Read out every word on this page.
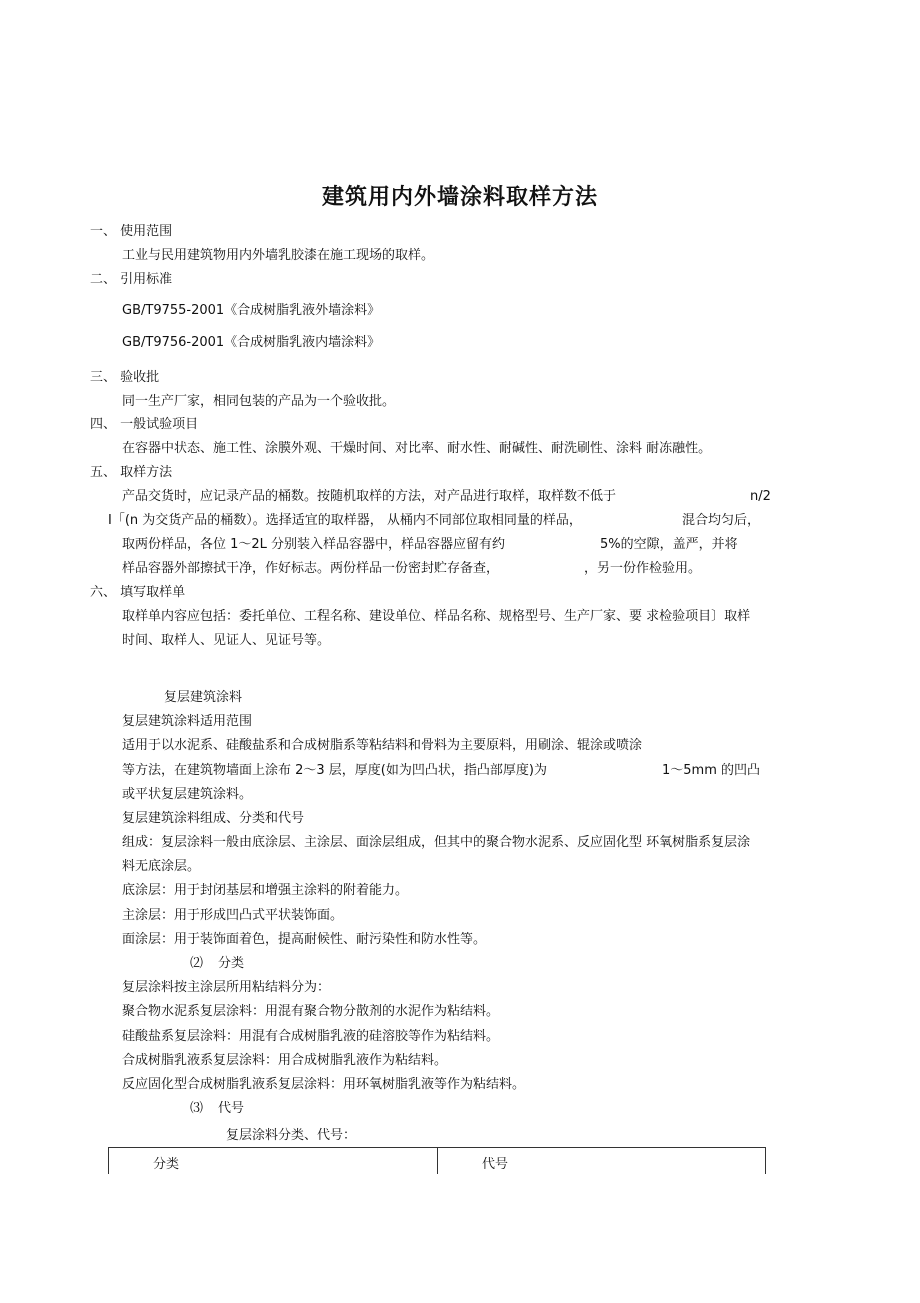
建筑用内外墙涂料取样方法
一、 使用范围
工业与民用建筑物用内外墙乳胶漆在施工现场的取样。
二、 引用标准
GB/T9755-2001《合成树脂乳液外墙涂料》
GB/T9756-2001《合成树脂乳液内墙涂料》
三、 验收批
同一生产厂家，相同包装的产品为一个验收批。
四、 一般试验项目
在容器中状态、施工性、涂膜外观、干燥时间、对比率、耐水性、耐碱性、耐洗刷性、涂料 耐冻融性。
五、 取样方法
产品交货时，应记录产品的桶数。按随机取样的方法，对产品进行取样，取样数不低于	n/2
I「(n 为交货产品的桶数）。选择适宜的取样器， 从桶内不同部位取相同量的样品，	混合均匀后，
取两份样品，各位 1～2L 分别装入样品容器中，样品容器应留有约	5%的空隙，盖严，并将
样品容器外部擦拭干净，作好标志。两份样品一份密封贮存备查，	，另一份作检验用。
六、 填写取样单
取样单内容应包括：委托单位、工程名称、建设单位、样品名称、规格型号、生产厂家、要 求检验项目〕取样
时间、取样人、见证人、见证号等。
复层建筑涂料
复层建筑涂料适用范围
适用于以水泥系、硅酸盐系和合成树脂系等粘结料和骨料为主要原料，用刷涂、辊涂或喷涂
等方法，在建筑物墙面上涂布 2～3 层，厚度(如为凹凸状，指凸部厚度)为	1～5mm 的凹凸
或平状复层建筑涂料。
复层建筑涂料组成、分类和代号
组成：复层涂料一般由底涂层、主涂层、面涂层组成，但其中的聚合物水泥系、反应固化型 环氧树脂系复层涂
料无底涂层。
底涂层：用于封闭基层和增强主涂料的附着能力。
主涂层：用于形成凹凸式平状装饰面。
面涂层：用于装饰面着色，提高耐候性、耐污染性和防水性等。
⑵ 分类
复层涂料按主涂层所用粘结料分为：
聚合物水泥系复层涂料：用混有聚合物分散剂的水泥作为粘结料。
硅酸盐系复层涂料：用混有合成树脂乳液的硅溶胶等作为粘结料。
合成树脂乳液系复层涂料：用合成树脂乳液作为粘结料。
反应固化型合成树脂乳液系复层涂料：用环氧树脂乳液等作为粘结料。
⑶ 代号
复层涂料分类、代号：
分类	代号
